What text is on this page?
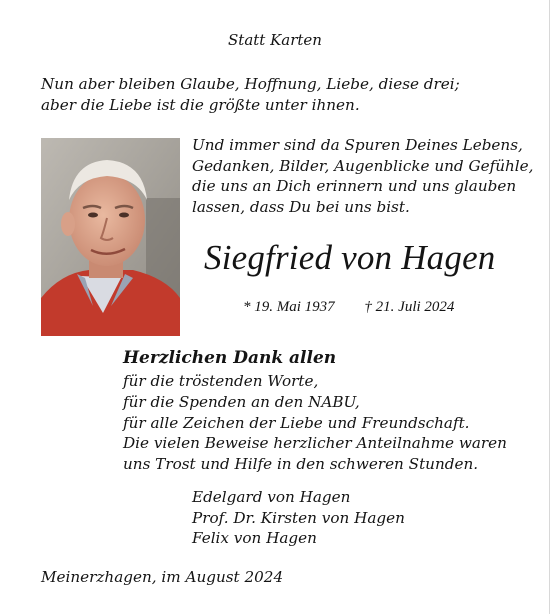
Statt Karten
Nun aber bleiben Glaube, Hoffnung, Liebe, diese drei;
aber die Liebe ist die größte unter ihnen.
Und immer sind da Spuren Deines Lebens,
Gedanken, Bilder, Augenblicke und Gefühle,
die uns an Dich erinnern und uns glauben
lassen, dass Du bei uns bist.
Siegfried von Hagen
* 19. Mai 1937 † 21. Juli 2024
Herzlichen Dank allen
für die tröstenden Worte,
für die Spenden an den NABU,
für alle Zeichen der Liebe und Freundschaft.
Die vielen Beweise herzlicher Anteilnahme waren
uns Trost und Hilfe in den schweren Stunden.
Edelgard von Hagen
Prof. Dr. Kirsten von Hagen
Felix von Hagen
Meinerzhagen, im August 2024
